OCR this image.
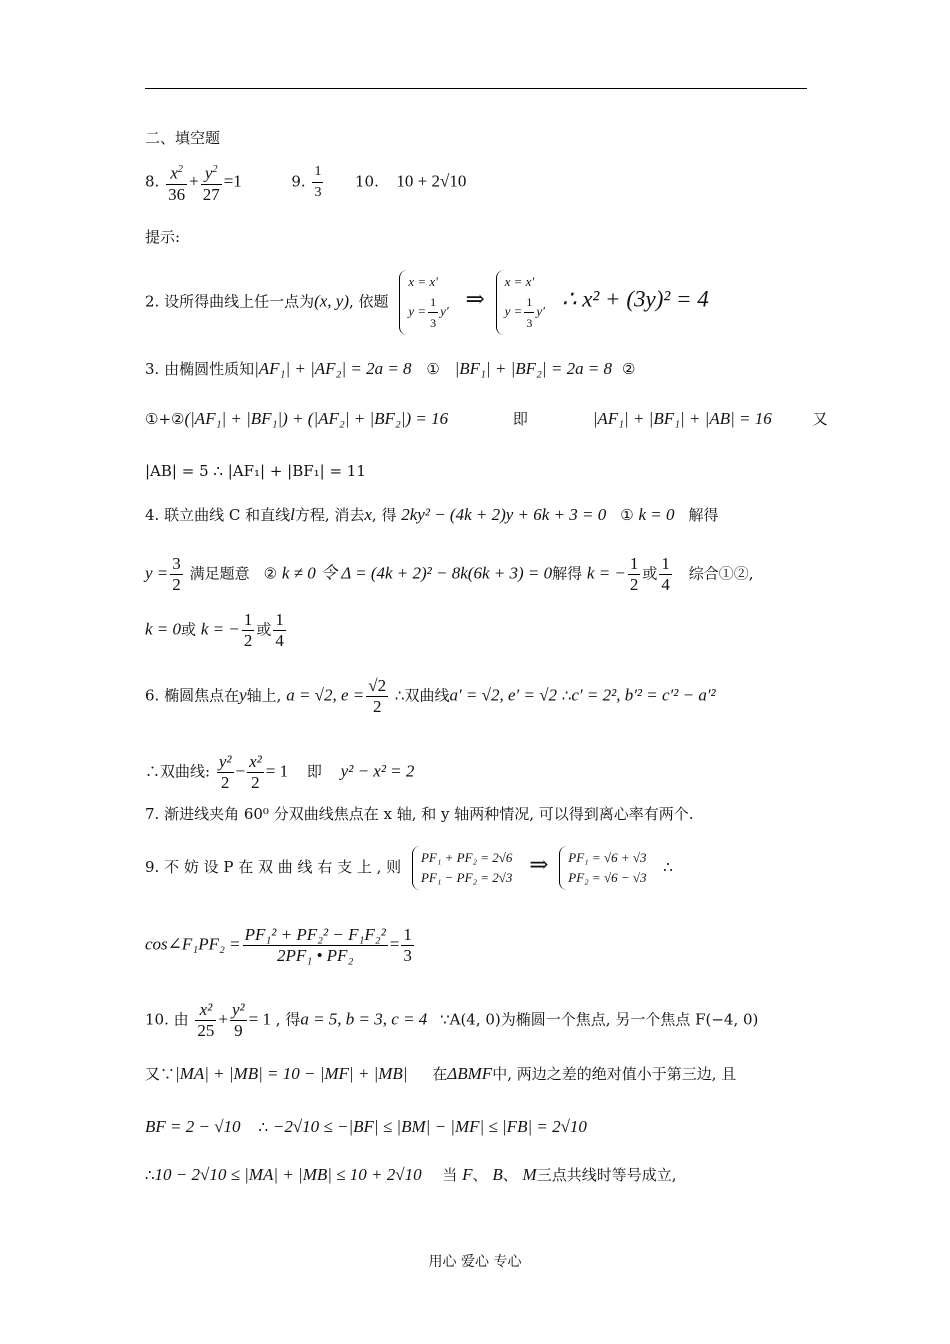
二、填空题
8. $\frac{x^2}{36} + \frac{y^2}{27} =1$	9. $\frac{1}{3} 10$. 10 + 2√10
提示:
2. 设所得曲线上任一点为(x, y), 依题
x = x′
$y = \frac{1}{3} y'$ ⇒
x = x′
$y = \frac{1}{3} y'$ ∴ x² + (3y)² = 4
3. 由椭圆性质知|AF₁| + |AF₂| = 2a = 8 ① |BF₁| + |BF₂| = 2a = 8 ②
①+②(|AF₁| + |BF₁|) + (|AF₂| + |BF₂|) = 16	即	|AF₁| + |BF₁| + |AB| = 16	又
|AB| = 5 ∴ |AF₁| + |BF₁| = 11
4. 联立曲线 C 和直线l方程, 消去x, 得 2ky² − (4k + 2)y + 6k + 3 = 0 ① k = 0 解得
$y = \frac{3}{2}$ 满足题意 ② k ≠ 0 令 Δ = (4k + 2)² − 8k(6k + 3) = 0解得 k = − $\frac{1}{2}$ 或 $\frac{1}{4}$ 综合①②,
k = 0或 k = − $\frac{1}{2}$ 或 $\frac{1}{4}$
6. 椭圆焦点在y轴上, a = √2, $e = \frac{√2}{2}$ ∴双曲线a′ = √2, e′ = √2 ∴c′ = 2², b′² = c′² − a′²
∴双曲线: $\frac{\text{y²}}{2} - \frac{\text{x²}}{2} = 1$ 即 y² − x² = 2
7. 渐进线夹角 60⁰ 分双曲线焦点在 x 轴, 和 y 轴两种情况, 可以得到离心率有两个.
9. 不 妨 设 P 在 双 曲 线 右 支 上 , 则
PF₁ + PF₂ = 2√6
PF₁ − PF₂ = 2√3 ⇒ PF₁ = √6 + √3
PF₂ = √6 − √3
∴
cos∠F₁PF₂ = $\frac{\text{PF₁² + PF₂² − F₁F₂²}}{\text{2PF₁ • PF₂}} = \frac{1}{3}$
10. 由 $\frac{\text{x²}}{25} + \frac{\text{y²}}{9} = 1$ , 得a = 5, b = 3, c = 4 ∵A(4, 0)为椭圆一个焦点, 另一个焦点 F(−4, 0)
又∵|MA| + |MB| = 10 − |MF| + |MB| 在ΔBMF中, 两边之差的绝对值小于第三边, 且
BF = 2 − √10 ∴ −2√10 ≤ −|BF| ≤ |BM| − |MF| ≤ |FB| = 2√10
∴10 − 2√10 ≤ |MA| + |MB| ≤ 10 + 2√10 当 F、 B、 M三点共线时等号成立,
用心 爱心 专心
